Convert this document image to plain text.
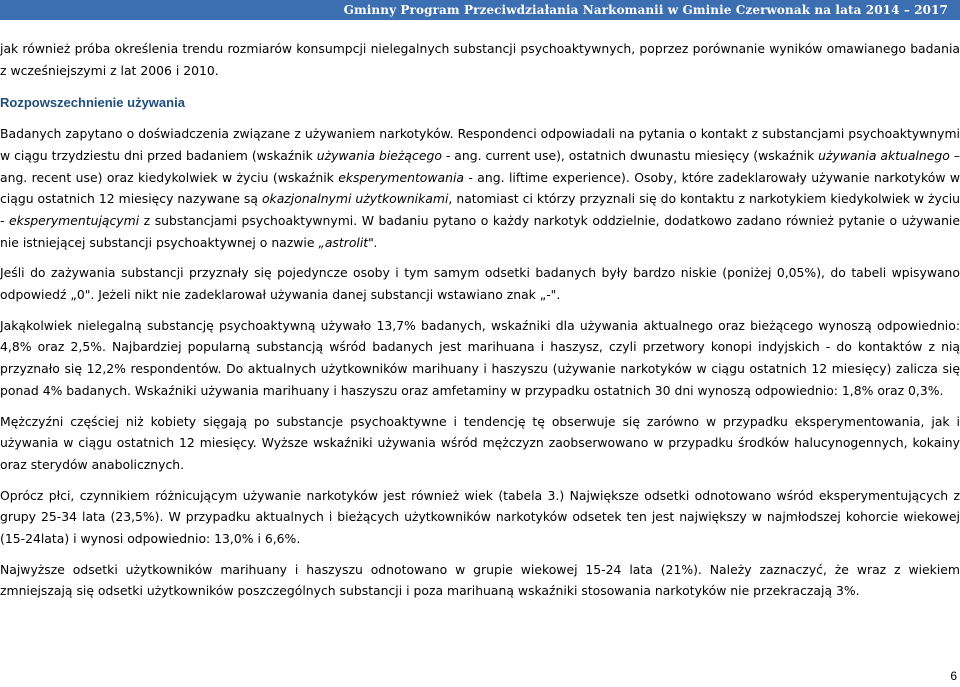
Gminny Program Przeciwdziałania Narkomanii w Gminie Czerwonak na lata 2014 – 2017

jak również próba określenia trendu rozmiarów konsumpcji nielegalnych substancji psychoaktywnych, poprzez porównanie wyników omawianego badania z wcześniejszymi z lat 2006 i 2010.

Rozpowszechnienie używania

Badanych zapytano o doświadczenia związane z używaniem narkotyków. Respondenci odpowiadali na pytania o kontakt z substancjami psychoaktywnymi w ciągu trzydziestu dni przed badaniem (wskaźnik używania bieżącego - ang. current use), ostatnich dwunastu miesięcy (wskaźnik używania aktualnego – ang. recent use) oraz kiedykolwiek w życiu (wskaźnik eksperymentowania - ang. liftime experience). Osoby, które zadeklarowały używanie narkotyków w ciągu ostatnich 12 miesięcy nazywane są okazjonalnymi użytkownikami, natomiast ci którzy przyznali się do kontaktu z narkotykiem kiedykolwiek w życiu - eksperymentującymi z substancjami psychoaktywnymi. W badaniu pytano o każdy narkotyk oddzielnie, dodatkowo zadano również pytanie o używanie nie istniejącej substancji psychoaktywnej o nazwie „astrolit".

Jeśli do zażywania substancji przyznały się pojedyncze osoby i tym samym odsetki badanych były bardzo niskie (poniżej 0,05%), do tabeli wpisywano odpowiedź „0". Jeżeli nikt nie zadeklarował używania danej substancji wstawiano znak „-".

Jakąkolwiek nielegalną substancję psychoaktywną używało 13,7% badanych, wskaźniki dla używania aktualnego oraz bieżącego wynoszą odpowiednio: 4,8% oraz 2,5%. Najbardziej popularną substancją wśród badanych jest marihuana i haszysz, czyli przetwory konopi indyjskich - do kontaktów z nią przyznało się 12,2% respondentów. Do aktualnych użytkowników marihuany i haszyszu (używanie narkotyków w ciągu ostatnich 12 miesięcy) zalicza się ponad 4% badanych. Wskaźniki używania marihuany i haszyszu oraz amfetaminy w przypadku ostatnich 30 dni wynoszą odpowiednio: 1,8% oraz 0,3%.

Mężczyźni częściej niż kobiety sięgają po substancje psychoaktywne i tendencję tę obserwuje się zarówno w przypadku eksperymentowania, jak i używania w ciągu ostatnich 12 miesięcy. Wyższe wskaźniki używania wśród mężczyzn zaobserwowano w przypadku środków halucynogennych, kokainy oraz sterydów anabolicznych.

Oprócz płci, czynnikiem różnicującym używanie narkotyków jest również wiek (tabela 3.) Największe odsetki odnotowano wśród eksperymentujących z grupy 25-34 lata (23,5%). W przypadku aktualnych i bieżących użytkowników narkotyków odsetek ten jest największy w najmłodszej kohorcie wiekowej (15-24lata) i wynosi odpowiednio: 13,0% i 6,6%.

Najwyższe odsetki użytkowników marihuany i haszyszu odnotowano w grupie wiekowej 15-24 lata (21%). Należy zaznaczyć, że wraz z wiekiem zmniejszają się odsetki użytkowników poszczególnych substancji i poza marihuaną wskaźniki stosowania narkotyków nie przekraczają 3%.

6
